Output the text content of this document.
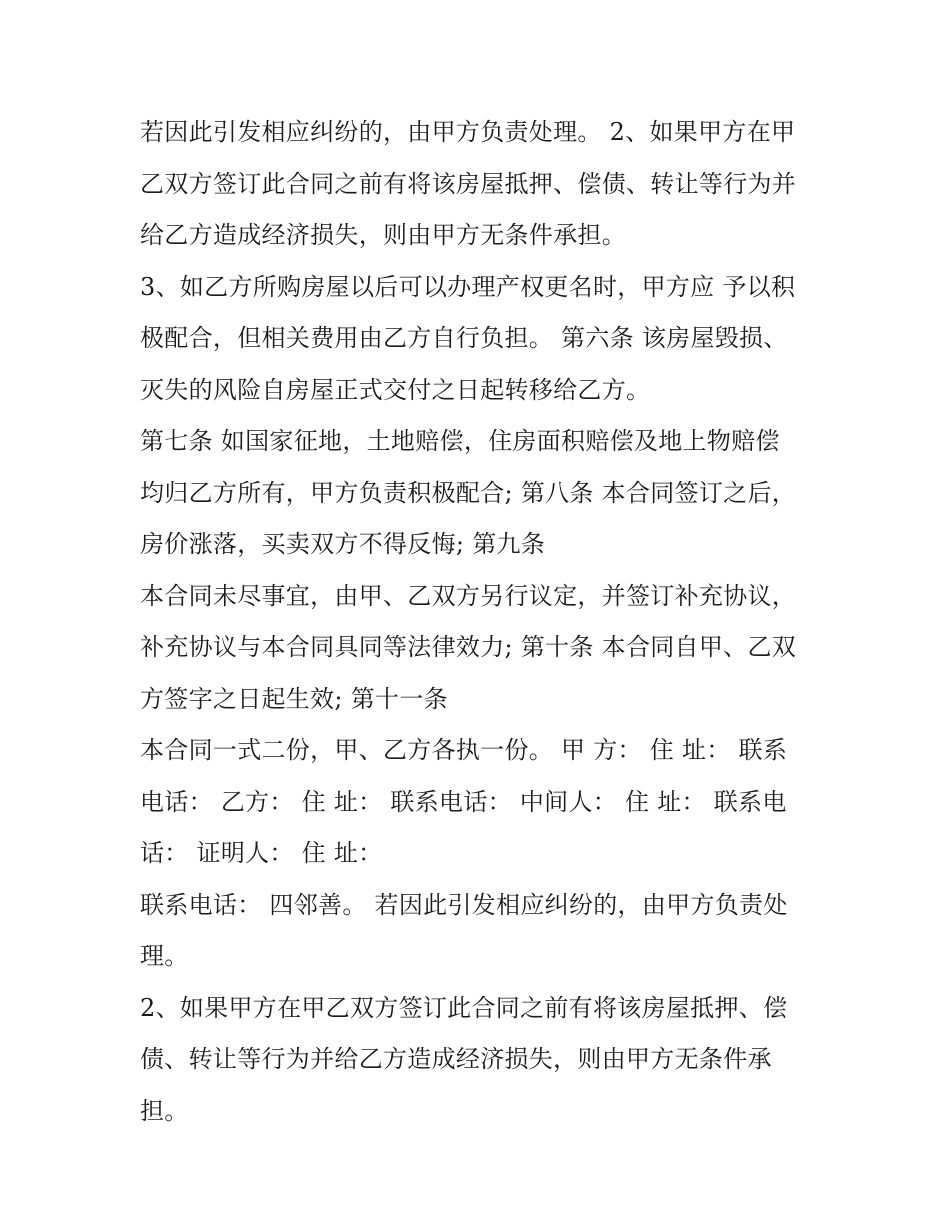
若因此引发相应纠纷的，由甲方负责处理。 2、如果甲方在甲
乙双方签订此合同之前有将该房屋抵押、偿债、转让等行为并
给乙方造成经济损失，则由甲方无条件承担。
3、如乙方所购房屋以后可以办理产权更名时，甲方应 予以积
极配合，但相关费用由乙方自行负担。 第六条 该房屋毁损、
灭失的风险自房屋正式交付之日起转移给乙方。
第七条 如国家征地，土地赔偿，住房面积赔偿及地上物赔偿
均归乙方所有，甲方负责积极配合; 第八条 本合同签订之后，
房价涨落，买卖双方不得反悔; 第九条
本合同未尽事宜，由甲、乙双方另行议定，并签订补充协议，
补充协议与本合同具同等法律效力; 第十条 本合同自甲、乙双
方签字之日起生效; 第十一条
本合同一式二份，甲、乙方各执一份。 甲 方： 住 址： 联系
电话： 乙方： 住 址： 联系电话： 中间人： 住 址： 联系电
话： 证明人： 住 址：
联系电话： 四邻善。 若因此引发相应纠纷的，由甲方负责处
理。
2、如果甲方在甲乙双方签订此合同之前有将该房屋抵押、偿
债、转让等行为并给乙方造成经济损失，则由甲方无条件承
担。
